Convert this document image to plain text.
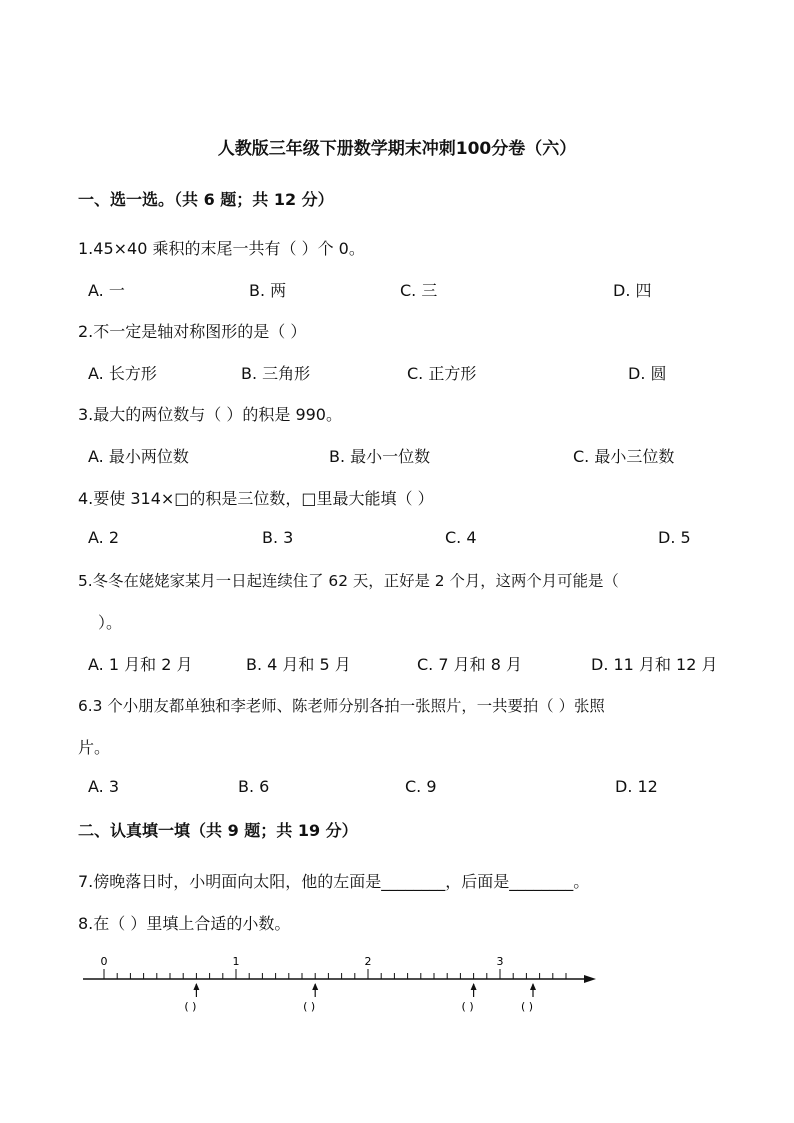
人教版三年级下册数学期末冲刺100分卷（六）
一、选一选。（共 6 题；共 12 分）
1.45×40 乘积的末尾一共有（ ）个 0。
A. 一	B. 两	C. 三	D. 四
2.不一定是轴对称图形的是（ ）
A. 长方形	B. 三角形	C. 正方形	D. 圆
3.最大的两位数与（ ）的积是 990。
A. 最小两位数	B. 最小一位数	C. 最小三位数
4.要使 314×□的积是三位数，□里最大能填（ ）
A. 2	B. 3	C. 4	D. 5
5.冬冬在姥姥家某月一日起连续住了 62 天，正好是 2 个月，这两个月可能是（
）。
A. 1 月和 2 月	B. 4 月和 5 月	C. 7 月和 8 月	D. 11 月和 12 月
6.3 个小朋友都单独和李老师、陈老师分别各拍一张照片，一共要拍（ ）张照
片。
A. 3	B. 6	C. 9	D. 12
二、认真填一填（共 9 题；共 19 分）
7.傍晚落日时，小明面向太阳，他的左面是________，后面是________。
8.在（ ）里填上合适的小数。
0	1	2	3
( )	( )	( )	( )
